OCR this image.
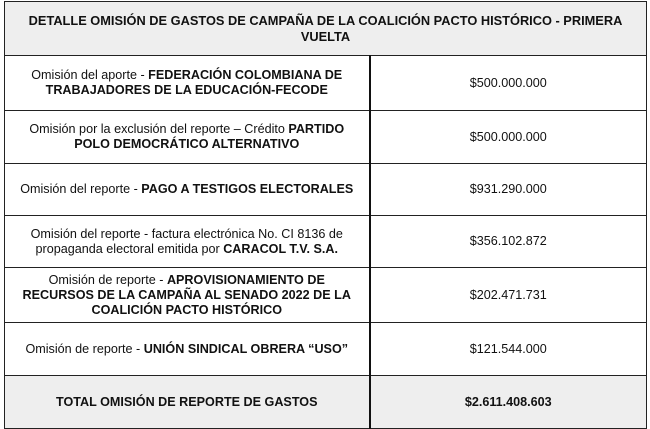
DETALLE OMISIÓN DE GASTOS DE CAMPAÑA DE LA COALICIÓN PACTO HISTÓRICO - PRIMERA VUELTA	
Omisión del aporte - FEDERACIÓN COLOMBIANA DE TRABAJADORES DE LA EDUCACIÓN-FECODE	$500.000.000
Omisión por la exclusión del reporte – Crédito PARTIDO POLO DEMOCRÁTICO ALTERNATIVO	$500.000.000
Omisión del reporte - PAGO A TESTIGOS ELECTORALES	$931.290.000
Omisión del reporte - factura electrónica No. CI 8136 de propaganda electoral emitida por CARACOL T.V. S.A.	$356.102.872
Omisión de reporte - APROVISIONAMIENTO DE RECURSOS DE LA CAMPAÑA AL SENADO 2022 DE LA COALICIÓN PACTO HISTÓRICO	$202.471.731
Omisión de reporte - UNIÓN SINDICAL OBRERA “USO”	$121.544.000
TOTAL OMISIÓN DE REPORTE DE GASTOS	$2.611.408.603
